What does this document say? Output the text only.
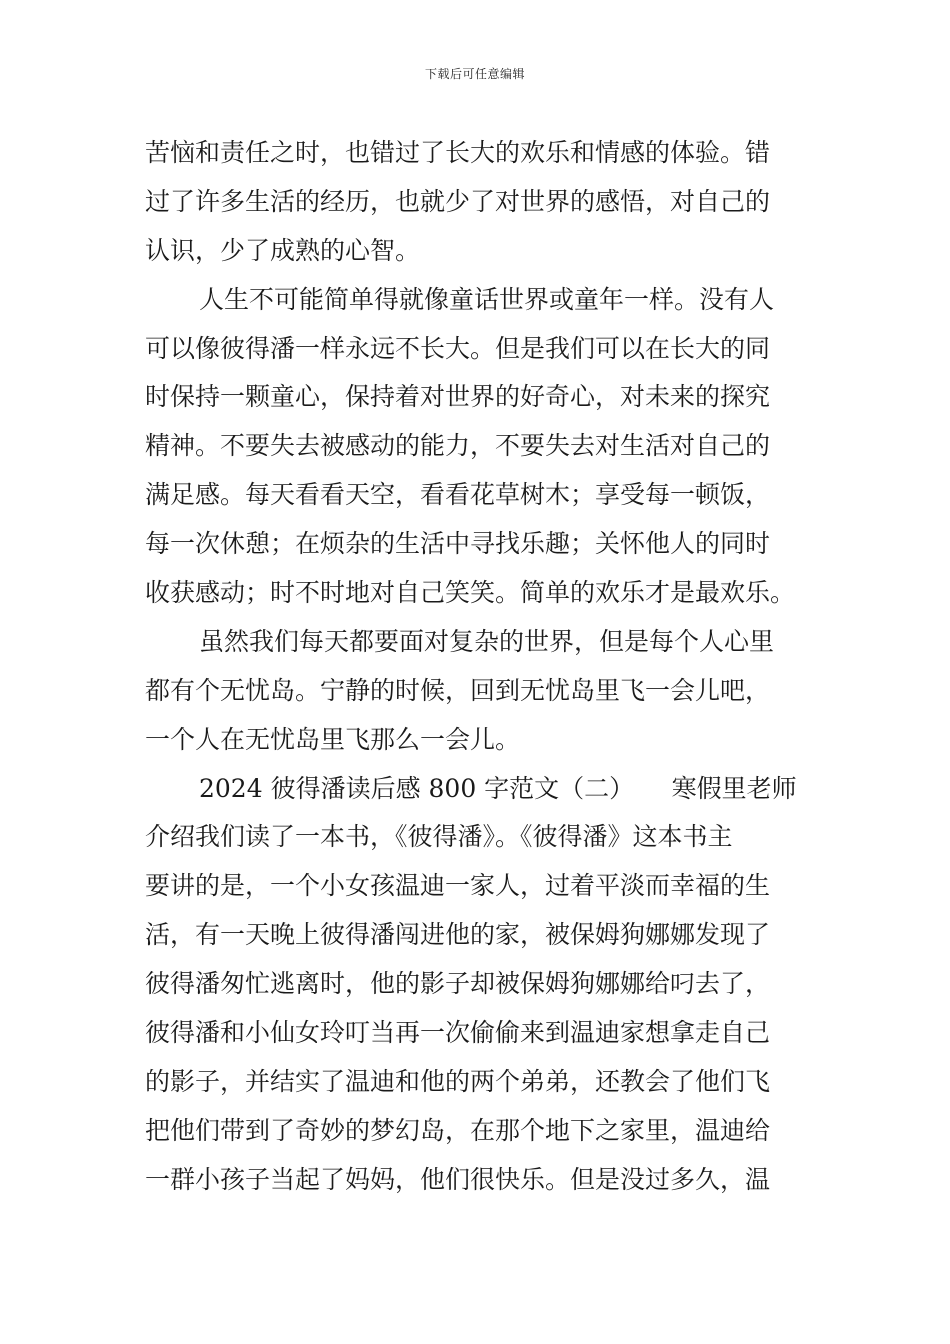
下载后可任意编辑
苦恼和责任之时，也错过了长大的欢乐和情感的体验。错
过了许多生活的经历，也就少了对世界的感悟，对自己的
认识，少了成熟的心智。
人生不可能简单得就像童话世界或童年一样。没有人
可以像彼得潘一样永远不长大。但是我们可以在长大的同
时保持一颗童心，保持着对世界的好奇心，对未来的探究
精神。不要失去被感动的能力，不要失去对生活对自己的
满足感。每天看看天空，看看花草树木；享受每一顿饭，
每一次休憩；在烦杂的生活中寻找乐趣；关怀他人的同时
收获感动；时不时地对自己笑笑。简单的欢乐才是最欢乐。
虽然我们每天都要面对复杂的世界，但是每个人心里
都有个无忧岛。宁静的时候，回到无忧岛里飞一会儿吧，
一个人在无忧岛里飞那么一会儿。
2024 彼得潘读后感 800 字范文（二）　　寒假里老师
介绍我们读了一本书，《彼得潘》。《彼得潘》这本书主
要讲的是，一个小女孩温迪一家人，过着平淡而幸福的生
活，有一天晚上彼得潘闯进他的家，被保姆狗娜娜发现了
彼得潘匆忙逃离时，他的影子却被保姆狗娜娜给叼去了，
彼得潘和小仙女玲叮当再一次偷偷来到温迪家想拿走自己
的影子，并结实了温迪和他的两个弟弟，还教会了他们飞
把他们带到了奇妙的梦幻岛，在那个地下之家里，温迪给
一群小孩子当起了妈妈，他们很快乐。但是没过多久，温
